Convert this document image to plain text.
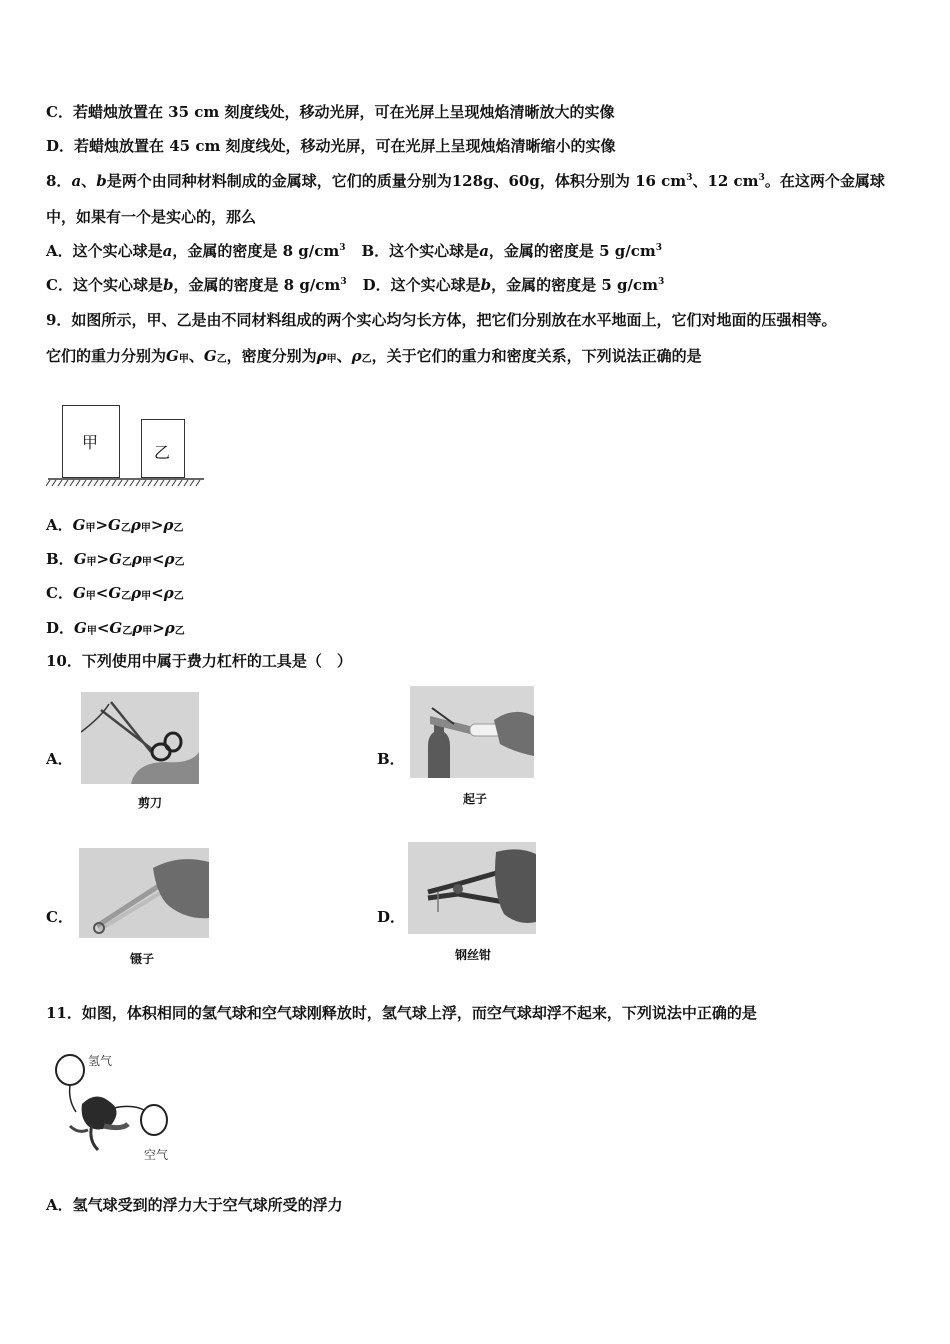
C．若蜡烛放置在 35 cm 刻度线处，移动光屏，可在光屏上呈现烛焰清晰放大的实像
D．若蜡烛放置在 45 cm 刻度线处，移动光屏，可在光屏上呈现烛焰清晰缩小的实像
8．a、b是两个由同种材料制成的金属球，它们的质量分别为128g、60g，体积分别为 16 $cm^3$、12 $cm^3$。在这两个金属球
中，如果有一个是实心的，那么
A．这个实心球是a，金属的密度是 8 $g/cm^3$ B．这个实心球是a，金属的密度是 5 $g/cm^3$
C．这个实心球是b，金属的密度是 8 $g/cm^3$ D．这个实心球是b，金属的密度是 5 $g/cm^3$
9．如图所示，甲、乙是由不同材料组成的两个实心均匀长方体，把它们分别放在水平地面上，它们对地面的压强相等。
它们的重力分别为$G_甲$、$G_乙$，密度分别为$\rho_甲$、$\rho_乙$，关于它们的重力和密度关系，下列说法正确的是
甲
乙
A．$G_甲>G_乙\rho_甲>\rho_乙$
B．$G_甲>G_乙\rho_甲<\rho_乙$
C．$G_甲<G_乙\rho_甲<\rho_乙$
D．$G_甲<G_乙\rho_甲>\rho_乙$
10．下列使用中属于费力杠杆的工具是（　）
A．
剪刀
B．
起子
C．
镊子
D．
钢丝钳
11．如图，体积相同的氢气球和空气球刚释放时，氢气球上浮，而空气球却浮不起来，下列说法中正确的是
氢气
空气
A．氢气球受到的浮力大于空气球所受的浮力
